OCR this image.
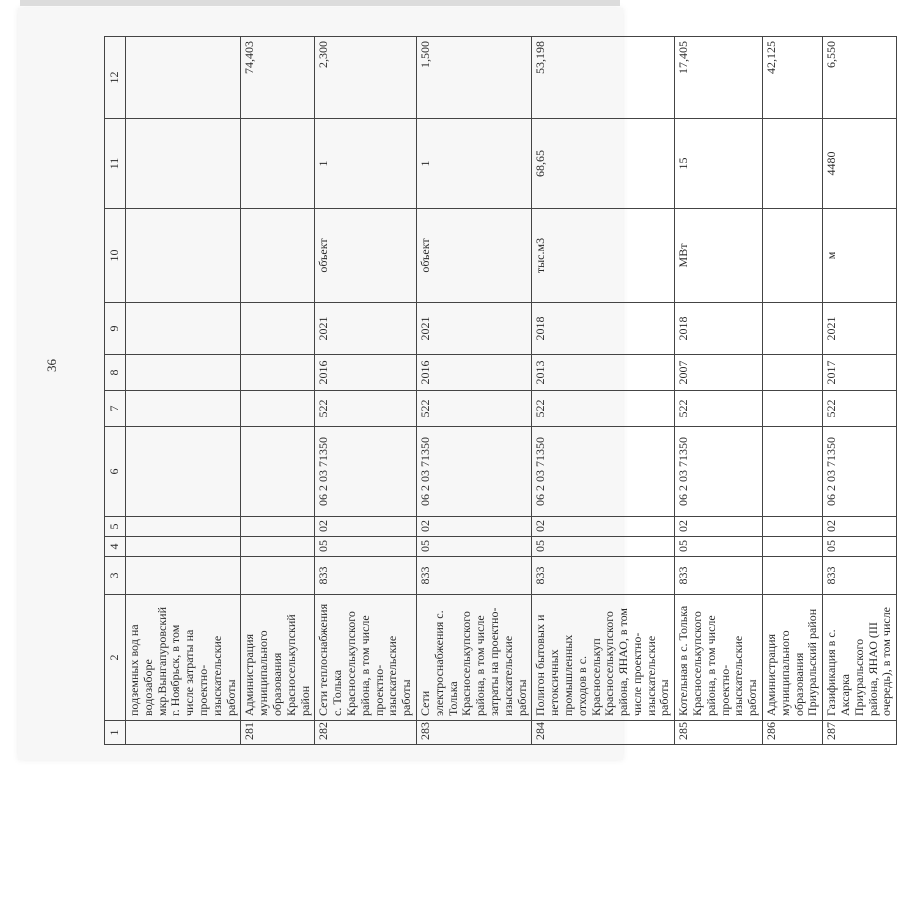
36
1	2	3	4	5	6	7	8	9	10	11	12
	подземных вод на водозаборе мкр.Вынгапуровский г. Ноябрьск, в том числе затраты на проектно-изыскательские работы										
281	Администрация муниципального образования Красноселькупский район										74,403
282	Сети теплоснабжения с. Толька Красноселькупского района, в том числе проектно-изыскательские работы	833	05	02	06 2 03 71350	522	2016	2021	объект	1	2,300
283	Сети электроснабжения с. Толька Красноселькупского района, в том числе затраты на проектно-изыскательские работы	833	05	02	06 2 03 71350	522	2016	2021	объект	1	1,500
284	Полигон бытовых и нетоксичных промышленных отходов в с. Красноселькуп Красноселькупского района, ЯНАО, в том числе проектно-изыскательские работы	833	05	02	06 2 03 71350	522	2013	2018	тыс.м3	68,65	53,198
285	Котельная в с. Толька Красноселькупского района, в том числе проектно-изыскательские работы	833	05	02	06 2 03 71350	522	2007	2018	МВт	15	17,405
286	Администрация муниципального образования Приуральский район										42,125
287	Газификация в с. Аксарка Приуральского района, ЯНАО (III очередь), в том числе	833	05	02	06 2 03 71350	522	2017	2021	м	4480	6,550
